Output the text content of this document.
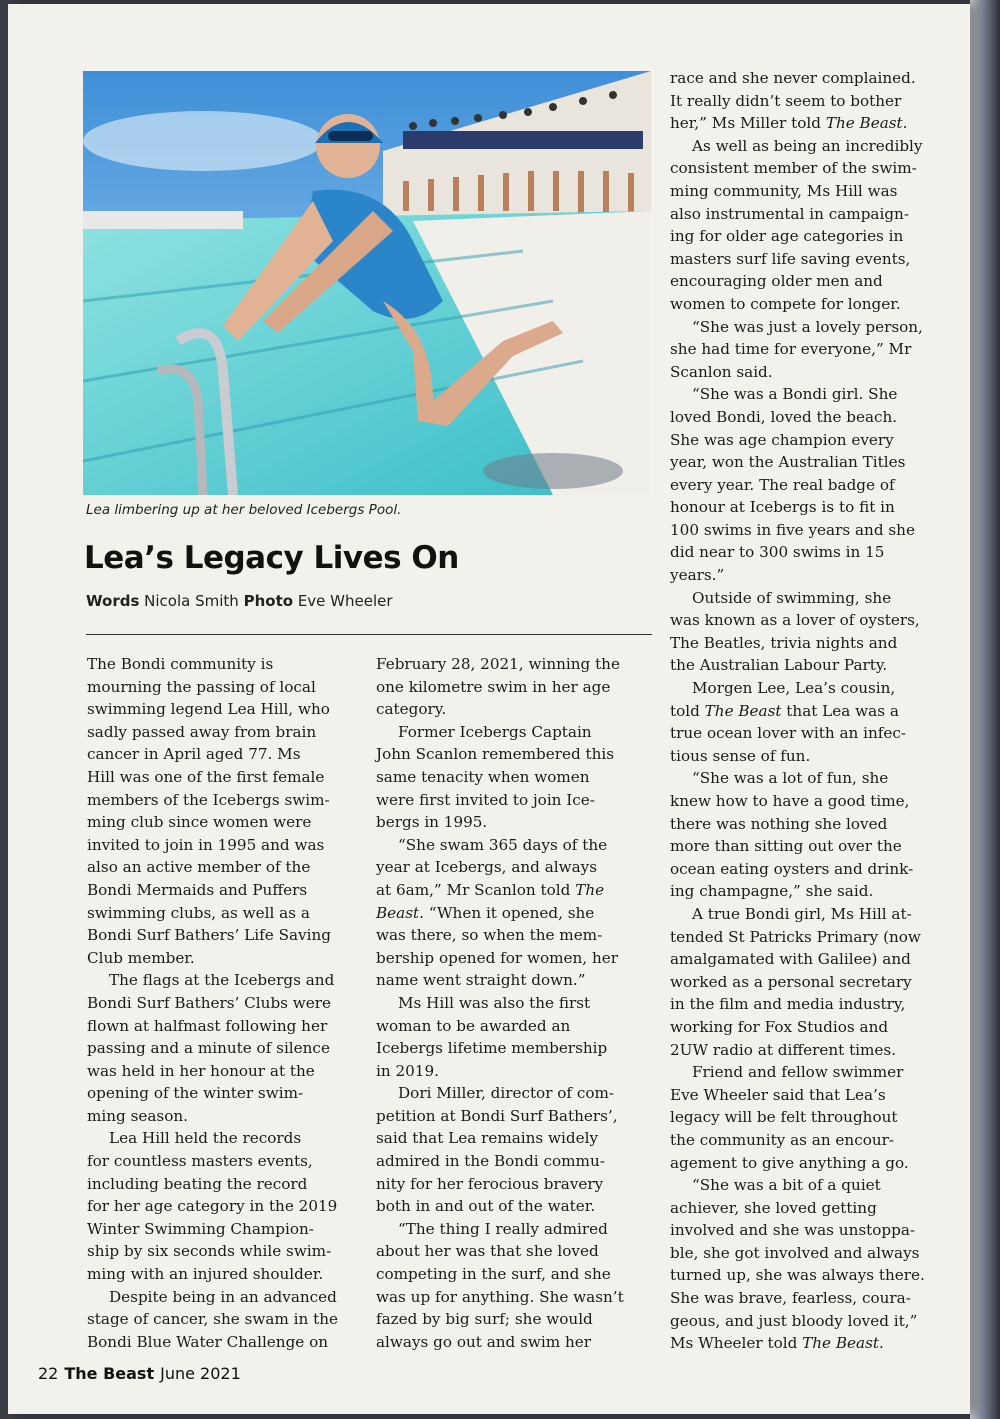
Lea limbering up at her beloved Icebergs Pool.
Lea’s Legacy Lives On
Words Nicola Smith Photo Eve Wheeler
The Bondi community is
mourning the passing of local
swimming legend Lea Hill, who
sadly passed away from brain
cancer in April aged 77. Ms
Hill was one of the first female
members of the Icebergs swim-
ming club since women were
invited to join in 1995 and was
also an active member of the
Bondi Mermaids and Puffers
swimming clubs, as well as a
Bondi Surf Bathers’ Life Saving
Club member.
The flags at the Icebergs and
Bondi Surf Bathers’ Clubs were
flown at halfmast following her
passing and a minute of silence
was held in her honour at the
opening of the winter swim-
ming season.
Lea Hill held the records
for countless masters events,
including beating the record
for her age category in the 2019
Winter Swimming Champion-
ship by six seconds while swim-
ming with an injured shoulder.
Despite being in an advanced
stage of cancer, she swam in the
Bondi Blue Water Challenge on
February 28, 2021, winning the
one kilometre swim in her age
category.
Former Icebergs Captain
John Scanlon remembered this
same tenacity when women
were first invited to join Ice-
bergs in 1995.
“She swam 365 days of the
year at Icebergs, and always
at 6am,” Mr Scanlon told The
Beast. “When it opened, she
was there, so when the mem-
bership opened for women, her
name went straight down.”
Ms Hill was also the first
woman to be awarded an
Icebergs lifetime membership
in 2019.
Dori Miller, director of com-
petition at Bondi Surf Bathers’,
said that Lea remains widely
admired in the Bondi commu-
nity for her ferocious bravery
both in and out of the water.
“The thing I really admired
about her was that she loved
competing in the surf, and she
was up for anything. She wasn’t
fazed by big surf; she would
always go out and swim her
race and she never complained.
It really didn’t seem to bother
her,” Ms Miller told The Beast.
As well as being an incredibly
consistent member of the swim-
ming community, Ms Hill was
also instrumental in campaign-
ing for older age categories in
masters surf life saving events,
encouraging older men and
women to compete for longer.
“She was just a lovely person,
she had time for everyone,” Mr
Scanlon said.
“She was a Bondi girl. She
loved Bondi, loved the beach.
She was age champion every
year, won the Australian Titles
every year. The real badge of
honour at Icebergs is to fit in
100 swims in five years and she
did near to 300 swims in 15
years.”
Outside of swimming, she
was known as a lover of oysters,
The Beatles, trivia nights and
the Australian Labour Party.
Morgen Lee, Lea’s cousin,
told The Beast that Lea was a
true ocean lover with an infec-
tious sense of fun.
“She was a lot of fun, she
knew how to have a good time,
there was nothing she loved
more than sitting out over the
ocean eating oysters and drink-
ing champagne,” she said.
A true Bondi girl, Ms Hill at-
tended St Patricks Primary (now
amalgamated with Galilee) and
worked as a personal secretary
in the film and media industry,
working for Fox Studios and
2UW radio at different times.
Friend and fellow swimmer
Eve Wheeler said that Lea’s
legacy will be felt throughout
the community as an encour-
agement to give anything a go.
“She was a bit of a quiet
achiever, she loved getting
involved and she was unstoppa-
ble, she got involved and always
turned up, she was always there.
She was brave, fearless, coura-
geous, and just bloody loved it,”
Ms Wheeler told The Beast.
22 The Beast June 2021
